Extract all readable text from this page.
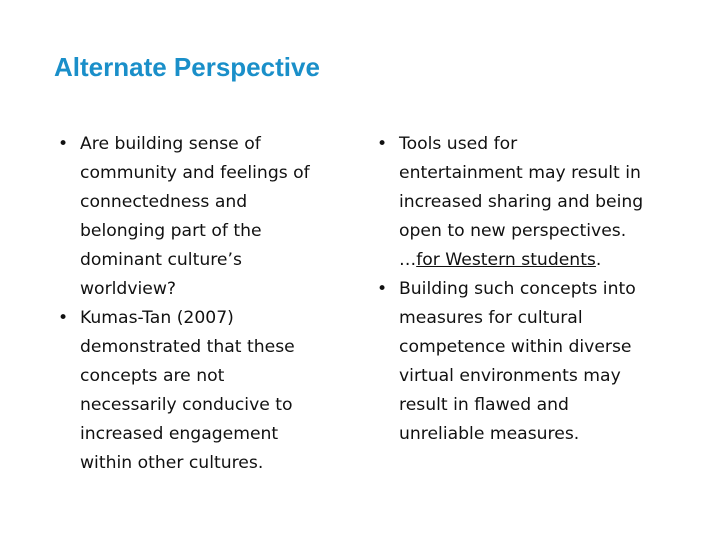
Alternate Perspective
• Are building sense of
community and feelings of
connectedness and
belonging part of the
dominant culture’s
worldview?
• Kumas-Tan (2007)
demonstrated that these
concepts are not
necessarily conducive to
increased engagement
within other cultures.
• Tools used for
entertainment may result in
increased sharing and being
open to new perspectives.
…for Western students.
• Building such concepts into
measures for cultural
competence within diverse
virtual environments may
result in flawed and
unreliable measures.
